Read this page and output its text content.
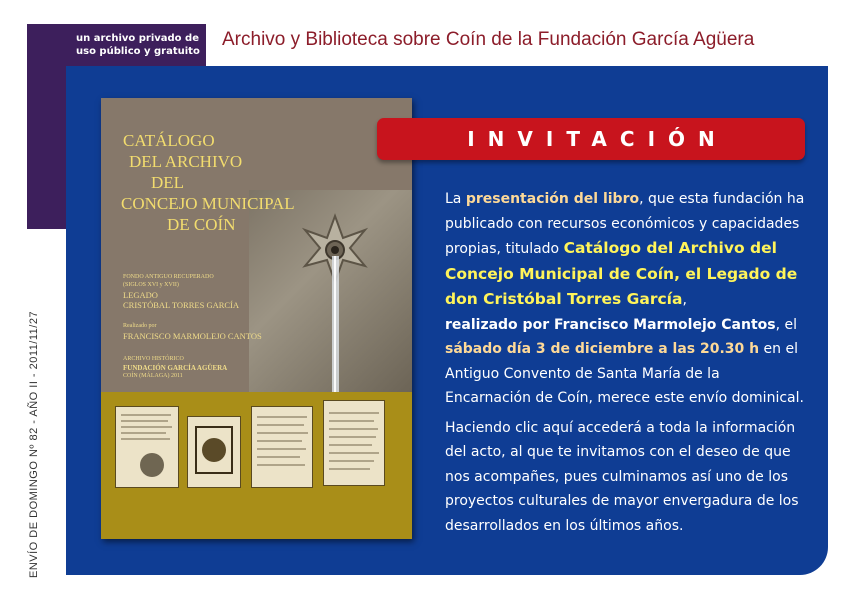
un archivo privado de
uso público y gratuito
Archivo y Biblioteca sobre Coín de la Fundación García Agüera
ENVÍO DE DOMINGO Nº 82 - AÑO II - 2011/11/27
CATÁLOGO
DEL ARCHIVO
DEL
CONCEJO MUNICIPAL
DE COÍN
FONDO ANTIGUO RECUPERADO
(SIGLOS XVI y XVII)
LEGADO
CRISTÓBAL TORRES GARCÍA
Realizado por
FRANCISCO MARMOLEJO CANTOS
ARCHIVO HISTÓRICO
FUNDACIÓN GARCÍA AGÜERA
COÍN (MÁLAGA) 2011
INVITACIÓN

La presentación del libro, que esta fundación ha publicado con recursos económicos y capacidades propias, titulado Catálogo del Archivo del Concejo Municipal de Coín, el Legado de don Cristóbal Torres García,
realizado por Francisco Marmolejo Cantos, el sábado día 3 de diciembre a las 20.30 h en el Antiguo Convento de Santa María de la Encarnación de Coín, merece este envío dominical.

Haciendo clic aquí accederá a toda la información del acto, al que te invitamos con el deseo de que nos acompañes, pues culminamos así uno de los proyectos culturales de mayor envergadura de los desarrollados en los últimos años.
